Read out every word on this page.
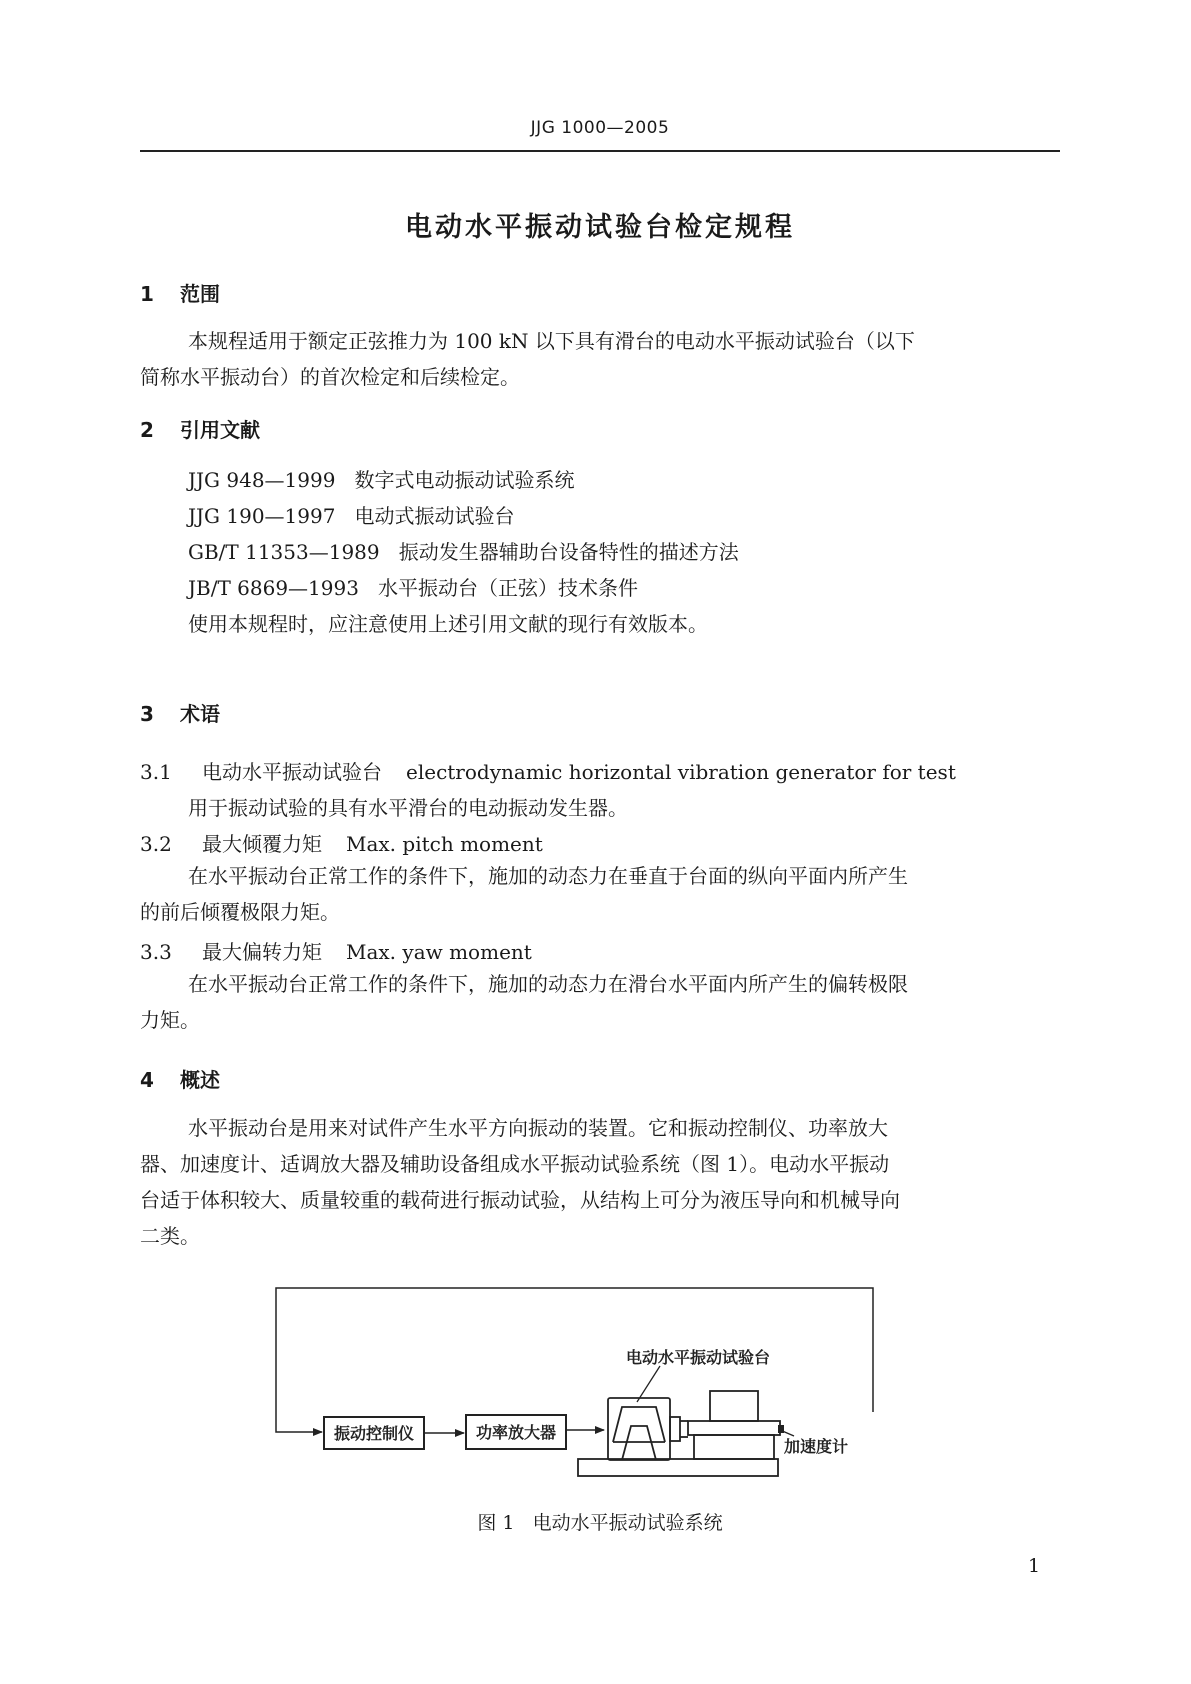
JJG 1000—2005
电动水平振动试验台检定规程
1 范围
本规程适用于额定正弦推力为 100 kN 以下具有滑台的电动水平振动试验台（以下
简称水平振动台）的首次检定和后续检定。
2 引用文献
JJG 948—1999 数字式电动振动试验系统
JJG 190—1997 电动式振动试验台
GB/T 11353—1989 振动发生器辅助台设备特性的描述方法
JB/T 6869—1993 水平振动台（正弦）技术条件
使用本规程时，应注意使用上述引用文献的现行有效版本。
3 术语
3.1 电动水平振动试验台 electrodynamic horizontal vibration generator for test
用于振动试验的具有水平滑台的电动振动发生器。
3.2 最大倾覆力矩 Max. pitch moment
在水平振动台正常工作的条件下，施加的动态力在垂直于台面的纵向平面内所产生
的前后倾覆极限力矩。
3.3 最大偏转力矩 Max. yaw moment
在水平振动台正常工作的条件下，施加的动态力在滑台水平面内所产生的偏转极限
力矩。
4 概述
水平振动台是用来对试件产生水平方向振动的装置。它和振动控制仪、功率放大
器、加速度计、适调放大器及辅助设备组成水平振动试验系统（图 1）。电动水平振动
台适于体积较大、质量较重的载荷进行振动试验，从结构上可分为液压导向和机械导向
二类。
振动控制仪	功率放大器
电动水平振动试验台
加速度计
图 1 电动水平振动试验系统
1
